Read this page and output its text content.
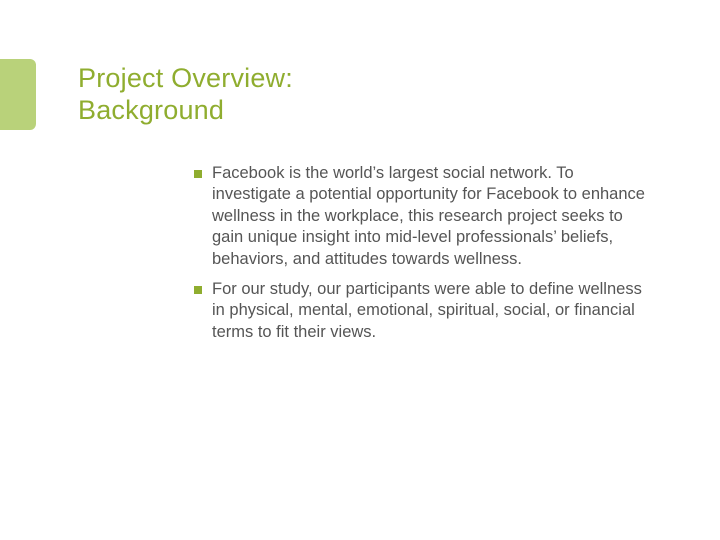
Project Overview:
Background
Facebook is the world’s largest social network. To investigate a potential opportunity for Facebook to enhance wellness in the workplace, this research project seeks to gain unique insight into mid-level professionals’ beliefs, behaviors, and attitudes towards wellness.
For our study, our participants were able to define wellness in physical, mental, emotional, spiritual, social, or financial terms to fit their views.
